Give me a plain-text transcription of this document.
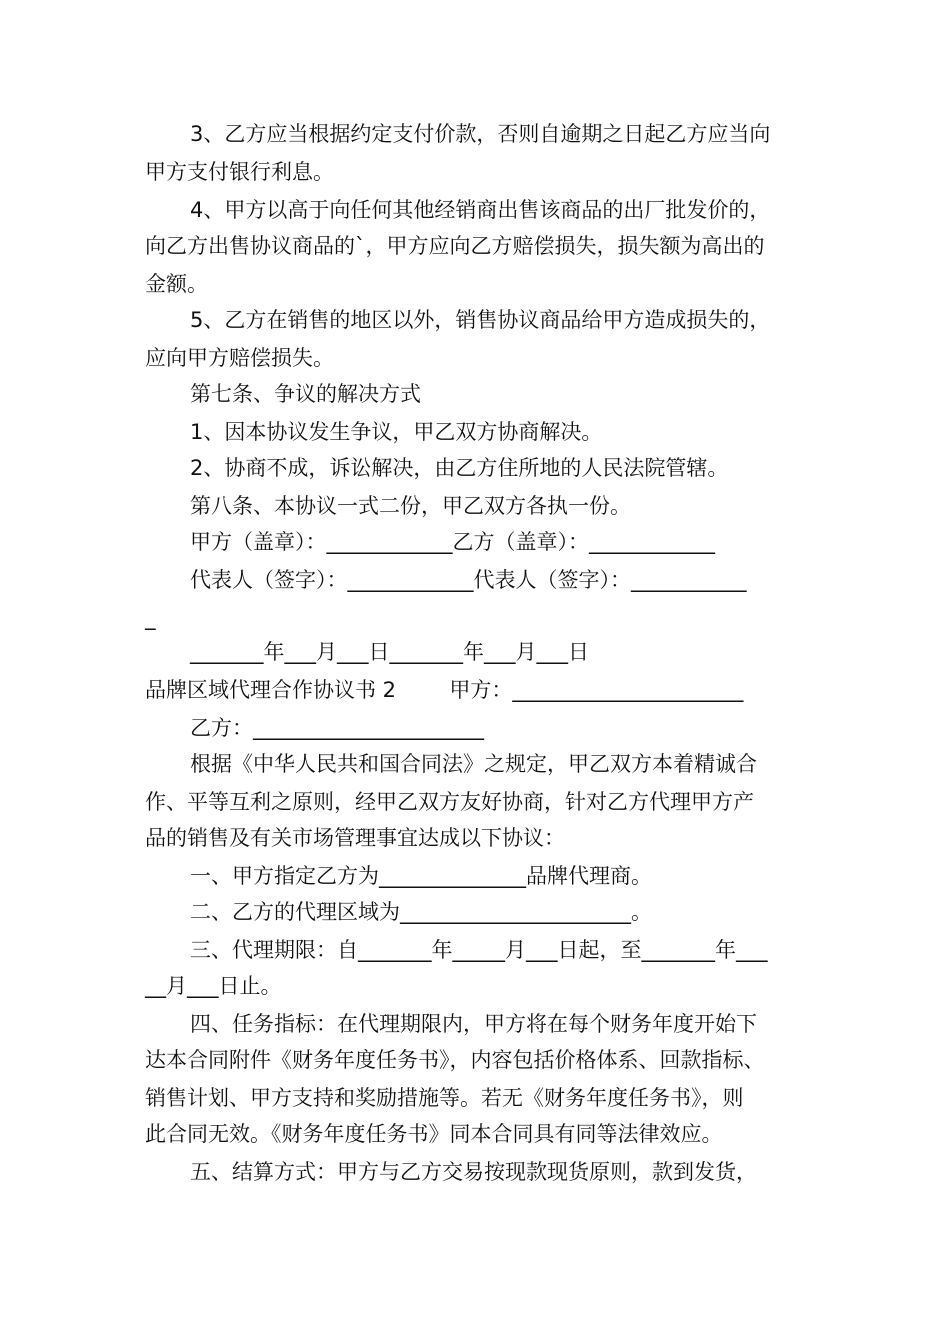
3、乙方应当根据约定支付价款，否则自逾期之日起乙方应当向
甲方支付银行利息。
4、甲方以高于向任何其他经销商出售该商品的出厂批发价的，
向乙方出售协议商品的`，甲方应向乙方赔偿损失，损失额为高出的
金额。
5、乙方在销售的地区以外，销售协议商品给甲方造成损失的，
应向甲方赔偿损失。
第七条、争议的解决方式
1、因本协议发生争议，甲乙双方协商解决。
2、协商不成，诉讼解决，由乙方住所地的人民法院管辖。
第八条、本协议一式二份，甲乙双方各执一份。
甲方（盖章）：____________乙方（盖章）：____________
代表人（签字）：____________代表人（签字）：___________
_
_______年___月___日_______年___月___日
品牌区域代理合作协议书 2        甲方：______________________
乙方：______________________
根据《中华人民共和国合同法》之规定，甲乙双方本着精诚合
作、平等互利之原则，经甲乙双方友好协商，针对乙方代理甲方产
品的销售及有关市场管理事宜达成以下协议：
一、甲方指定乙方为______________品牌代理商。
二、乙方的代理区域为______________________。
三、代理期限：自_______年_____月___日起，至_______年___
__月___日止。
四、任务指标：在代理期限内，甲方将在每个财务年度开始下
达本合同附件《财务年度任务书》，内容包括价格体系、回款指标、
销售计划、甲方支持和奖励措施等。若无《财务年度任务书》，则
此合同无效。《财务年度任务书》同本合同具有同等法律效应。
五、结算方式：甲方与乙方交易按现款现货原则，款到发货，
